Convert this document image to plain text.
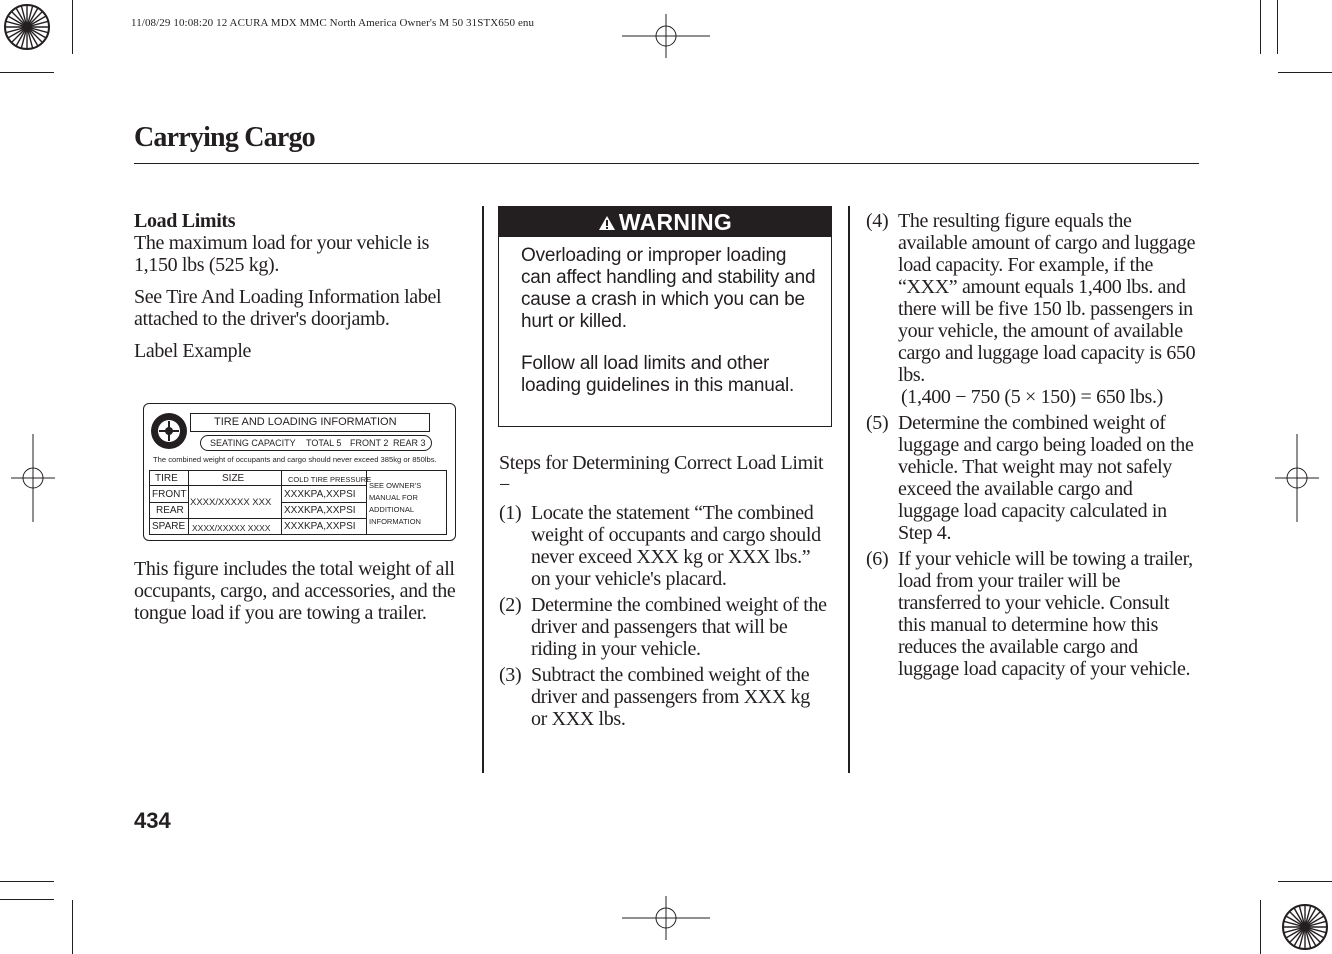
11/08/29 10:08:20 12 ACURA MDX MMC North America Owner's M 50 31STX650 enu
Carrying Cargo
Load Limits

The maximum load for your vehicle is 1,150 lbs (525 kg).

See Tire And Loading Information label attached to the driver's doorjamb.

Label Example

TIRE AND LOADING INFORMATION
SEATING CAPACITY TOTAL 5 FRONT 2 REAR 3
The combined weight of occupants and cargo should never exceed 385kg or 850lbs.
TIRE	SIZE	COLD TIRE PRESSURE
FRONT
REAR
SPARE
XXXX/XXXXX XXX
XXXX/XXXXX XXXX
XXXKPA,XXPSI
XXXKPA,XXPSI
XXXKPA,XXPSI
SEE OWNER'S MANUAL FOR ADDITIONAL INFORMATION
This figure includes the total weight of all occupants, cargo, and accessories, and the tongue load if you are towing a trailer.
WARNING

Overloading or improper loading can affect handling and stability and cause a crash in which you can be hurt or killed.

Follow all load limits and other loading guidelines in this manual.

Steps for Determining Correct Load Limit −

(1) Locate the statement “The combined weight of occupants and cargo should never exceed XXX kg or XXX lbs.” on your vehicle's placard.
(2) Determine the combined weight of the driver and passengers that will be riding in your vehicle.
(3) Subtract the combined weight of the driver and passengers from XXX kg or XXX lbs.
(4) The resulting figure equals the available amount of cargo and luggage load capacity. For example, if the “XXX” amount equals 1,400 lbs. and there will be five 150 lb. passengers in your vehicle, the amount of available cargo and luggage load capacity is 650 lbs.
(1,400 − 750 (5 × 150) = 650 lbs.)
(5) Determine the combined weight of luggage and cargo being loaded on the vehicle. That weight may not safely exceed the available cargo and luggage load capacity calculated in Step 4.
(6) If your vehicle will be towing a trailer, load from your trailer will be transferred to your vehicle. Consult this manual to determine how this reduces the available cargo and luggage load capacity of your vehicle.
434
